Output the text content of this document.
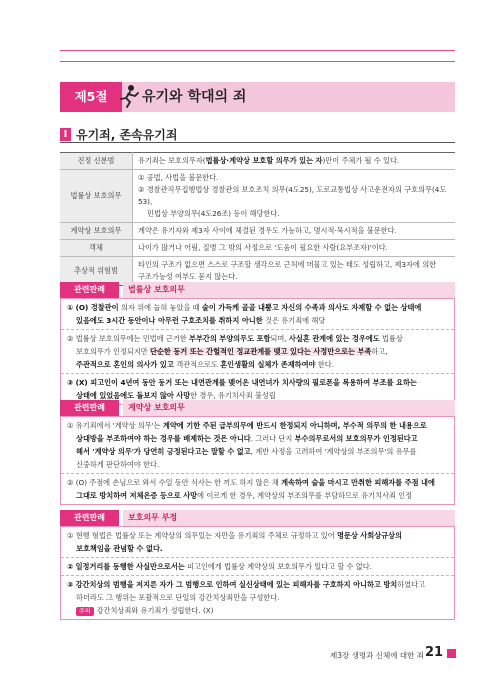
제5절	유기와 학대의 죄
I 유기죄, 존속유기죄
진정 신분범	유기죄는 보호의무자(법률상·계약상 보호할 의무가 있는 자)만이 주체가 될 수 있다.
법률상 보호의무	① 공법, 사법을 불문한다.
② 경찰관직무집행법상 경찰관의 보호조치 의무(4도25), 도로교통법상 사고운전자의 구호의무(4도53),
민법상 부양의무(4도26조) 등이 해당한다.

계약상 보호의무	계약은 유기자와 제3자 사이에 체결된 경우도 가능하고, 명시적·묵시적을 불문한다.
객체	나이가 많거나 어림, 질병 그 밖의 사정으로 '도움이 필요한 사람(요부조자)'이다.
추상적 위험범	타인의 구조가 없으면 스스로 구조할 생각으로 근처에 머물고 있는 태도 성립하고, 제3자에 의한
구조가능성 여부도 묻지 않는다.
관련판례	법률상 보호의무
① (O) 경찰관이 의자 위에 눕혀 놓았을 때 술이 가득케 골골 내뿜고 자신의 수족과 의사도 자제할 수 없는 상태에
있음에도 3시간 동안이나 아무런 구호조치를 취하지 아니한 것은 유기죄에 해당
② 법률상 보호의무에는 민법에 근거한 부부간의 부양의무도 포함되며, 사실혼 관계에 있는 경우에도 법률상
보호의무가 인정되지만 단순한 동거 또는 간헐적인 정교관계를 맺고 있다는 사정만으로는 부족하고,
주관적으로 혼인의 의사가 있고 객관적으로도 혼인생활의 실체가 존재하여야 한다.
③ (X) 피고인이 4년여 동안 동거 또는 내연관계를 맺어온 내연녀가 치사량의 필로폰을 복용하여 부조를 요하는
상태에 있었음에도 돌보지 않아 사망한 경우, 유기치사죄 불성립
관련판례	계약상 보호의무
① 유기죄에서 '계약상 의무'는 계약에 기한 주된 급부의무에 반드시 한정되지 아니하며, 부수적 의무의 한 내용으로
상대방을 부조하여야 하는 경우를 배제하는 것은 아니다. 그러나 단지 부수의무로서의 보호의무가 인정된다고
해서 '계약상 의무'가 당연히 긍정된다고는 말할 수 없고, 계반 사정을 고려하여 '계약상의 부조의무'의 유무를
신중하게 판단하여야 한다.
② (O) 주점에 손님으로 와서 수일 동안 식사는 한 끼도 하지 않은 채 계속하여 술을 마시고 만취한 피해자를 주점 내에
그대로 방치하여 저체온증 등으로 사망에 이르게 한 경우, 계약상의 부조의무를 부담하므로 유기치사죄 인정
관련판례	보호의무 부정
① 현행 형법은 법률상 또는 계약상의 의무있는 자만을 유기죄의 주체로 규정하고 있어 명문상 사회상규상의
보호책임을 관념할 수 없다.
② 일정거리를 동행한 사실만으로서는 피고인에게 법률상 계약상의 보호의무가 있다고 할 수 없다.
③ 강간치상의 범행을 저지른 자가 그 범행으로 인하여 실신상태에 있는 피해자를 구호하지 아니하고 방치하였다고
하더라도 그 행위는 포괄적으로 단일의 강간치상죄만을 구성한다.
주의 강간치상죄와 유기죄가 성립한다. (X)
제3장 생명과 신체에 대한 죄 21
